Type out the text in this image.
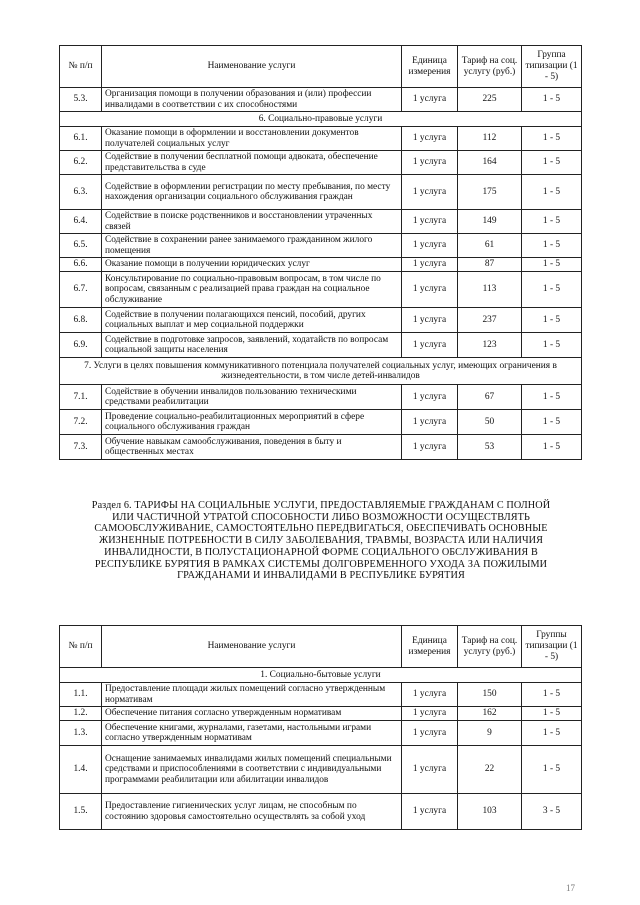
№ п/п	Наименование услуги	Единица измерения	Тариф на соц. услугу (руб.)	Группа типизации (1 - 5)
5.3.	Организация помощи в получении образования и (или) профессии инвалидами в соответствии с их способностями	1 услуга	225	1 - 5
6. Социально-правовые услуги				
6.1.	Оказание помощи в оформлении и восстановлении документов получателей социальных услуг	1 услуга	112	1 - 5
6.2.	Содействие в получении бесплатной помощи адвоката, обеспечение представительства в суде	1 услуга	164	1 - 5
6.3.	Содействие в оформлении регистрации по месту пребывания, по месту нахождения организации социального обслуживания граждан	1 услуга	175	1 - 5
6.4.	Содействие в поиске родственников и восстановлении утраченных связей	1 услуга	149	1 - 5
6.5.	Содействие в сохранении ранее занимаемого гражданином жилого помещения	1 услуга	61	1 - 5
6.6.	Оказание помощи в получении юридических услуг	1 услуга	87	1 - 5
6.7.	Консультирование по социально-правовым вопросам, в том числе по вопросам, связанным с реализацией права граждан на социальное обслуживание	1 услуга	113	1 - 5
6.8.	Содействие в получении полагающихся пенсий, пособий, других социальных выплат и мер социальной поддержки	1 услуга	237	1 - 5
6.9.	Содействие в подготовке запросов, заявлений, ходатайств по вопросам социальной защиты населения	1 услуга	123	1 - 5
7. Услуги в целях повышения коммуникативного потенциала получателей социальных услуг, имеющих ограничения в жизнедеятельности, в том числе детей-инвалидов				
7.1.	Содействие в обучении инвалидов пользованию техническими средствами реабилитации	1 услуга	67	1 - 5
7.2.	Проведение социально-реабилитационных мероприятий в сфере социального обслуживания граждан	1 услуга	50	1 - 5
7.3.	Обучение навыкам самообслуживания, поведения в быту и общественных местах	1 услуга	53	1 - 5
Раздел 6. ТАРИФЫ НА СОЦИАЛЬНЫЕ УСЛУГИ, ПРЕДОСТАВЛЯЕМЫЕ ГРАЖДАНАМ С ПОЛНОЙ ИЛИ ЧАСТИЧНОЙ УТРАТОЙ СПОСОБНОСТИ ЛИБО ВОЗМОЖНОСТИ ОСУЩЕСТВЛЯТЬ САМООБСЛУЖИВАНИЕ, САМОСТОЯТЕЛЬНО ПЕРЕДВИГАТЬСЯ, ОБЕСПЕЧИВАТЬ ОСНОВНЫЕ ЖИЗНЕННЫЕ ПОТРЕБНОСТИ В СИЛУ ЗАБОЛЕВАНИЯ, ТРАВМЫ, ВОЗРАСТА ИЛИ НАЛИЧИЯ ИНВАЛИДНОСТИ, В ПОЛУСТАЦИОНАРНОЙ ФОРМЕ СОЦИАЛЬНОГО ОБСЛУЖИВАНИЯ В РЕСПУБЛИКЕ БУРЯТИЯ В РАМКАХ СИСТЕМЫ ДОЛГОВРЕМЕННОГО УХОДА ЗА ПОЖИЛЫМИ ГРАЖДАНАМИ И ИНВАЛИДАМИ В РЕСПУБЛИКЕ БУРЯТИЯ
№ п/п	Наименование услуги	Единица измерения	Тариф на соц. услугу (руб.)	Группы типизации (1 - 5)
1. Социально-бытовые услуги				
1.1.	Предоставление площади жилых помещений согласно утвержденным нормативам	1 услуга	150	1 - 5
1.2.	Обеспечение питания согласно утвержденным нормативам	1 услуга	162	1 - 5
1.3.	Обеспечение книгами, журналами, газетами, настольными играми согласно утвержденным нормативам	1 услуга	9	1 - 5
1.4.	Оснащение занимаемых инвалидами жилых помещений специальными средствами и приспособлениями в соответствии с индивидуальными программами реабилитации или абилитации инвалидов	1 услуга	22	1 - 5
1.5.	Предоставление гигиенических услуг лицам, не способным по состоянию здоровья самостоятельно осуществлять за собой уход	1 услуга	103	3 - 5
17
